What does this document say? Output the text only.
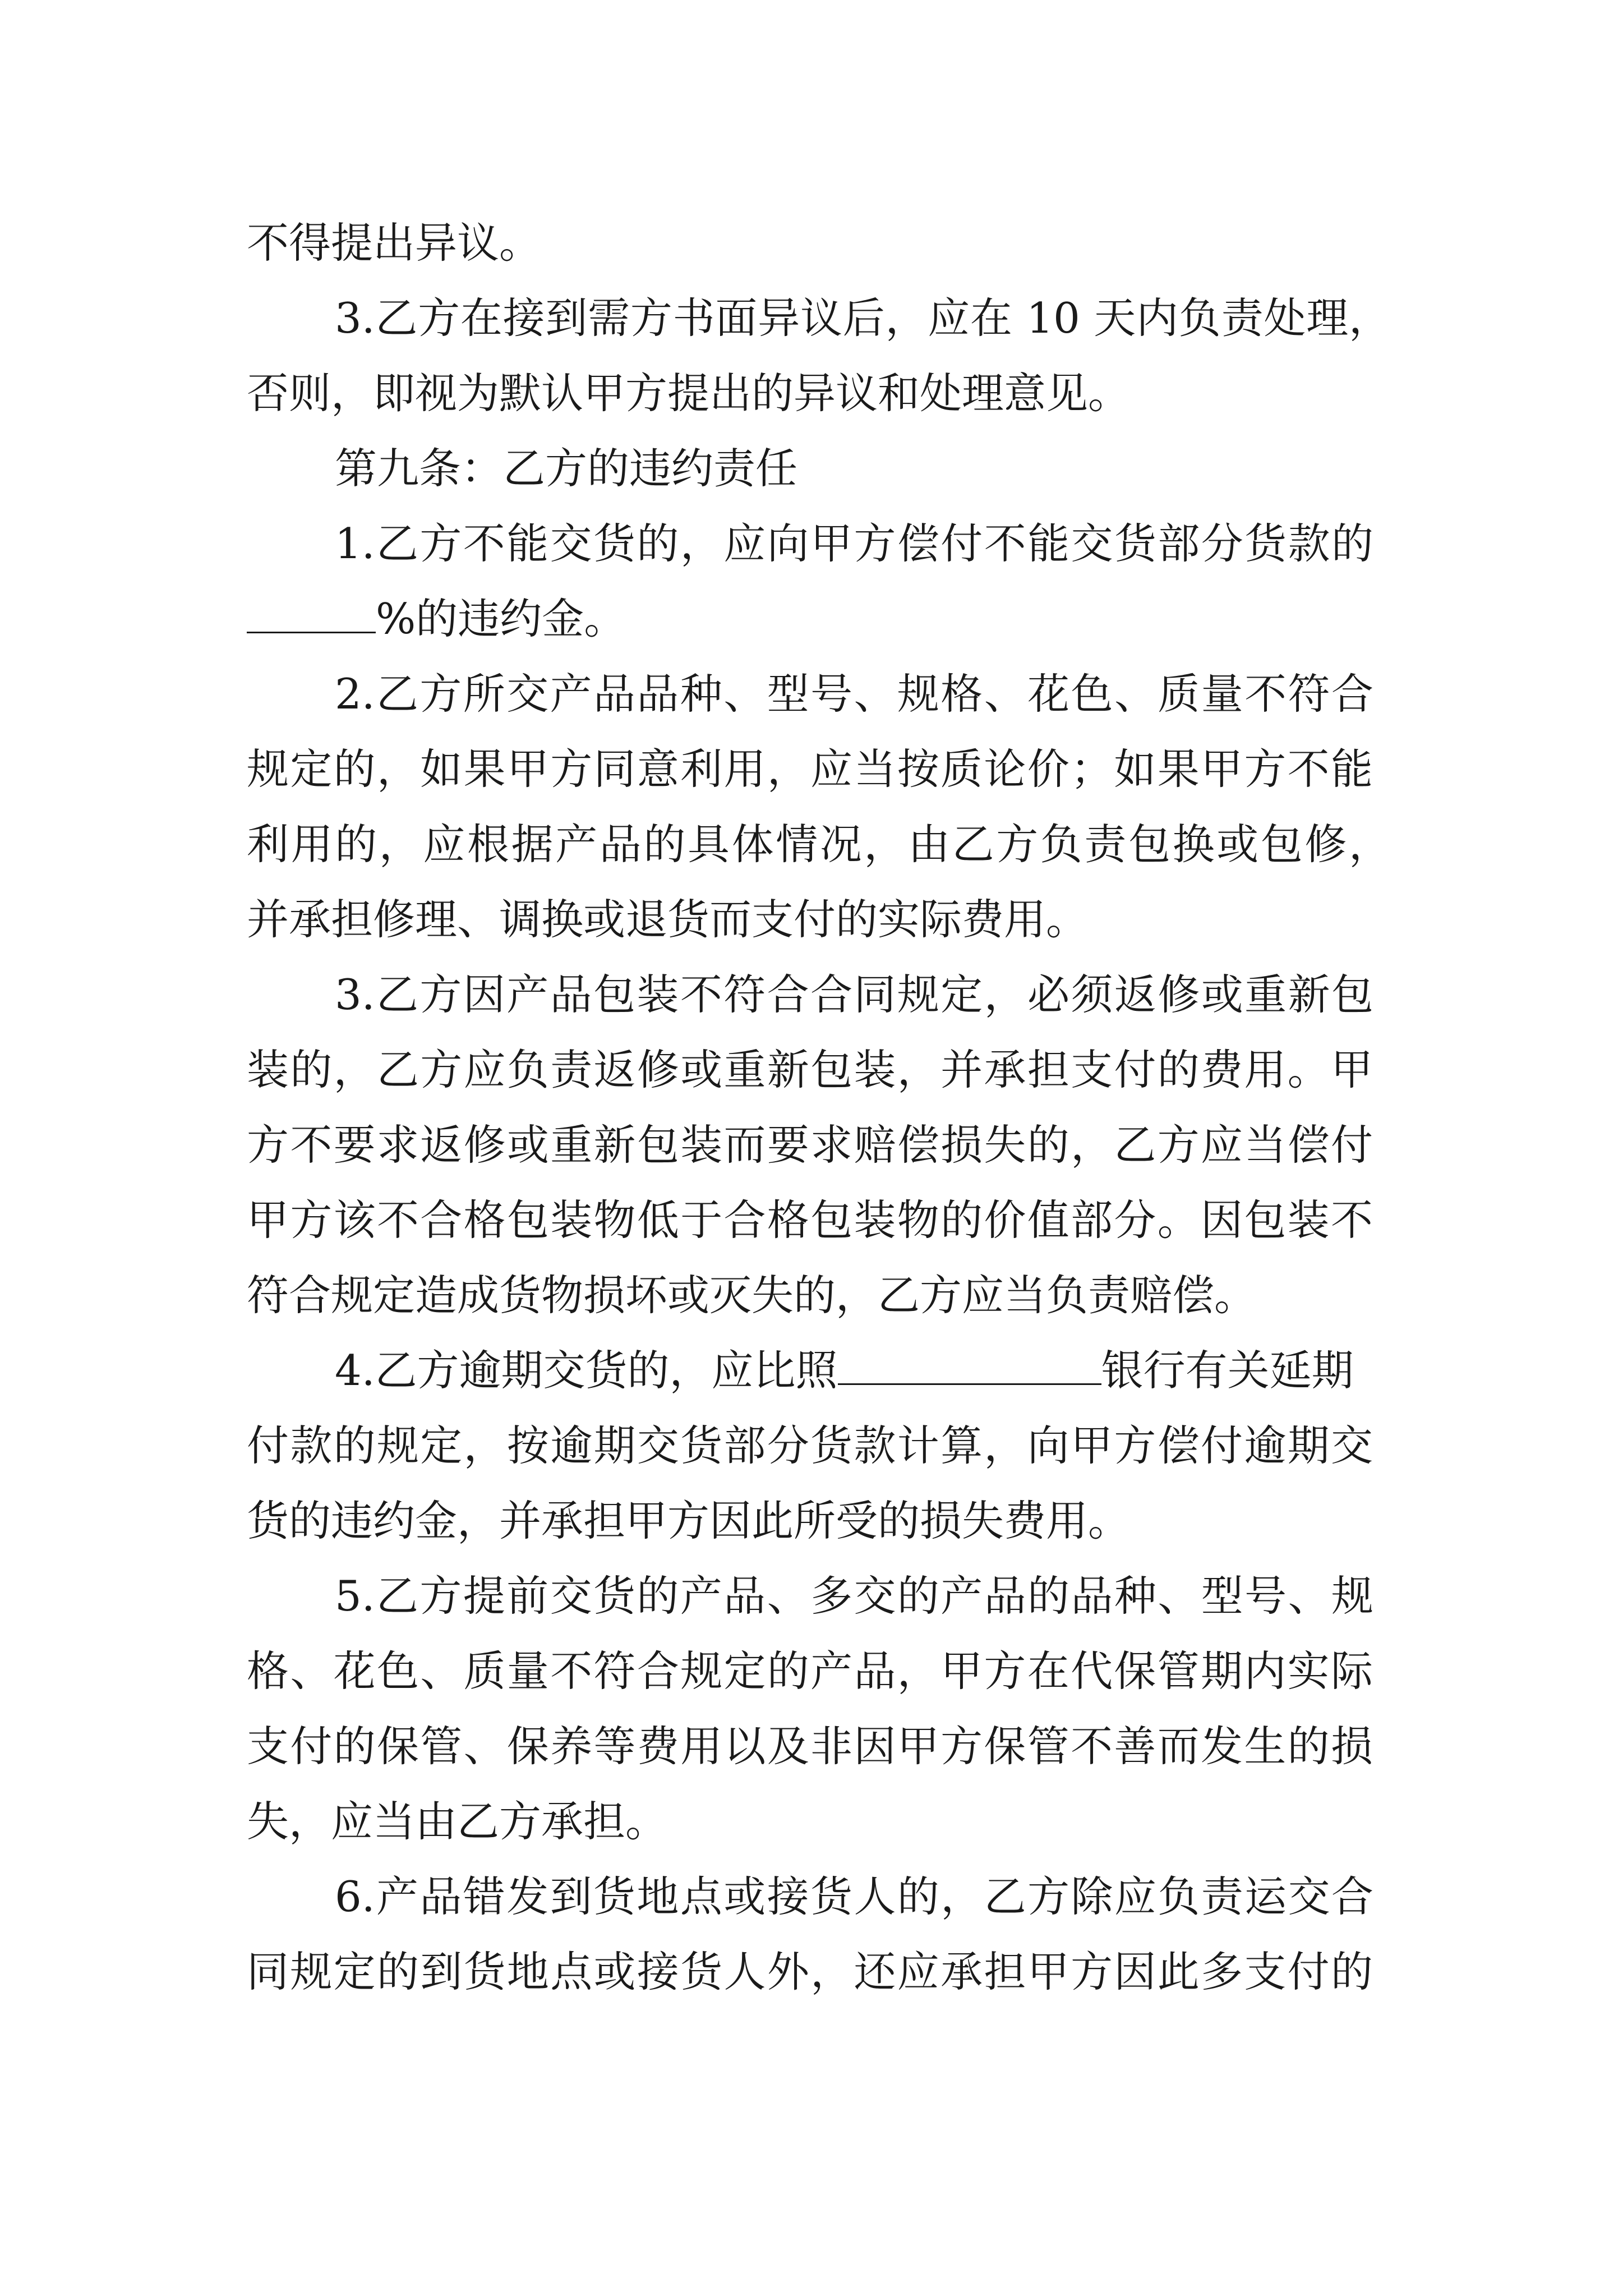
不得提出异议。
3.乙方在接到需方书面异议后，应在 10 天内负责处理，
否则，即视为默认甲方提出的异议和处理意见。
第九条：乙方的违约责任
1.乙方不能交货的，应向甲方偿付不能交货部分货款的
%的违约金。
2.乙方所交产品品种、型号、规格、花色、质量不符合
规定的，如果甲方同意利用，应当按质论价；如果甲方不能
利用的，应根据产品的具体情况，由乙方负责包换或包修，
并承担修理、调换或退货而支付的实际费用。
3.乙方因产品包装不符合合同规定，必须返修或重新包
装的，乙方应负责返修或重新包装，并承担支付的费用。甲
方不要求返修或重新包装而要求赔偿损失的，乙方应当偿付
甲方该不合格包装物低于合格包装物的价值部分。因包装不
符合规定造成货物损坏或灭失的，乙方应当负责赔偿。
4.乙方逾期交货的，应比照	银行有关延期
付款的规定，按逾期交货部分货款计算，向甲方偿付逾期交
货的违约金，并承担甲方因此所受的损失费用。
5.乙方提前交货的产品、多交的产品的品种、型号、规
格、花色、质量不符合规定的产品，甲方在代保管期内实际
支付的保管、保养等费用以及非因甲方保管不善而发生的损
失，应当由乙方承担。
6.产品错发到货地点或接货人的，乙方除应负责运交合
同规定的到货地点或接货人外，还应承担甲方因此多支付的
